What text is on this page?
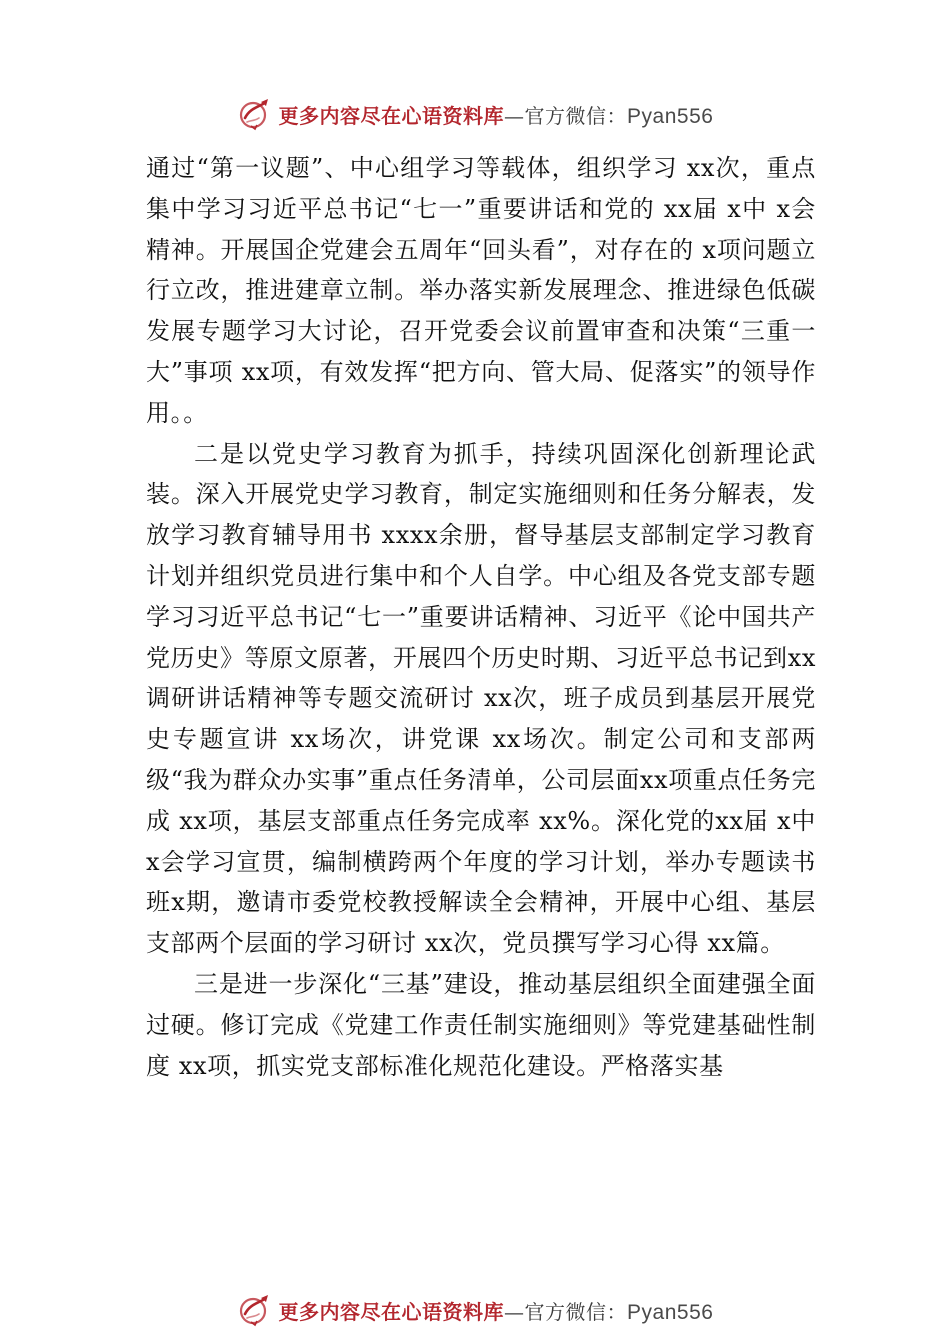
更多内容尽在心语资料库—官方微信：Pyan556

通过“第一议题”、中心组学习等载体，组织学习 xx次，重点集中学习习近平总书记“七一”重要讲话和党的 xx届 x中 x会精神。开展国企党建会五周年“回头看”，对存在的 x项问题立行立改，推进建章立制。举办落实新发展理念、推进绿色低碳发展专题学习大讨论，召开党委会议前置审查和决策“三重一大”事项 xx项，有效发挥“把方向、管大局、促落实”的领导作用。。

二是以党史学习教育为抓手，持续巩固深化创新理论武装。深入开展党史学习教育，制定实施细则和任务分解表，发放学习教育辅导用书 xxxx余册，督导基层支部制定学习教育计划并组织党员进行集中和个人自学。中心组及各党支部专题学习习近平总书记“七一”重要讲话精神、习近平《论中国共产党历史》等原文原著，开展四个历史时期、习近平总书记到xx调研讲话精神等专题交流研讨 xx次，班子成员到基层开展党史专题宣讲 xx场次，讲党课 xx场次。制定公司和支部两级“我为群众办实事”重点任务清单，公司层面xx项重点任务完成 xx项，基层支部重点任务完成率 xx%。深化党的xx届 x中 x会学习宣贯，编制横跨两个年度的学习计划，举办专题读书班x期，邀请市委党校教授解读全会精神，开展中心组、基层支部两个层面的学习研讨 xx次，党员撰写学习心得 xx篇。

三是进一步深化“三基”建设，推动基层组织全面建强全面过硬。修订完成《党建工作责任制实施细则》等党建基础性制度 xx项，抓实党支部标准化规范化建设。严格落实基

更多内容尽在心语资料库—官方微信：Pyan556
